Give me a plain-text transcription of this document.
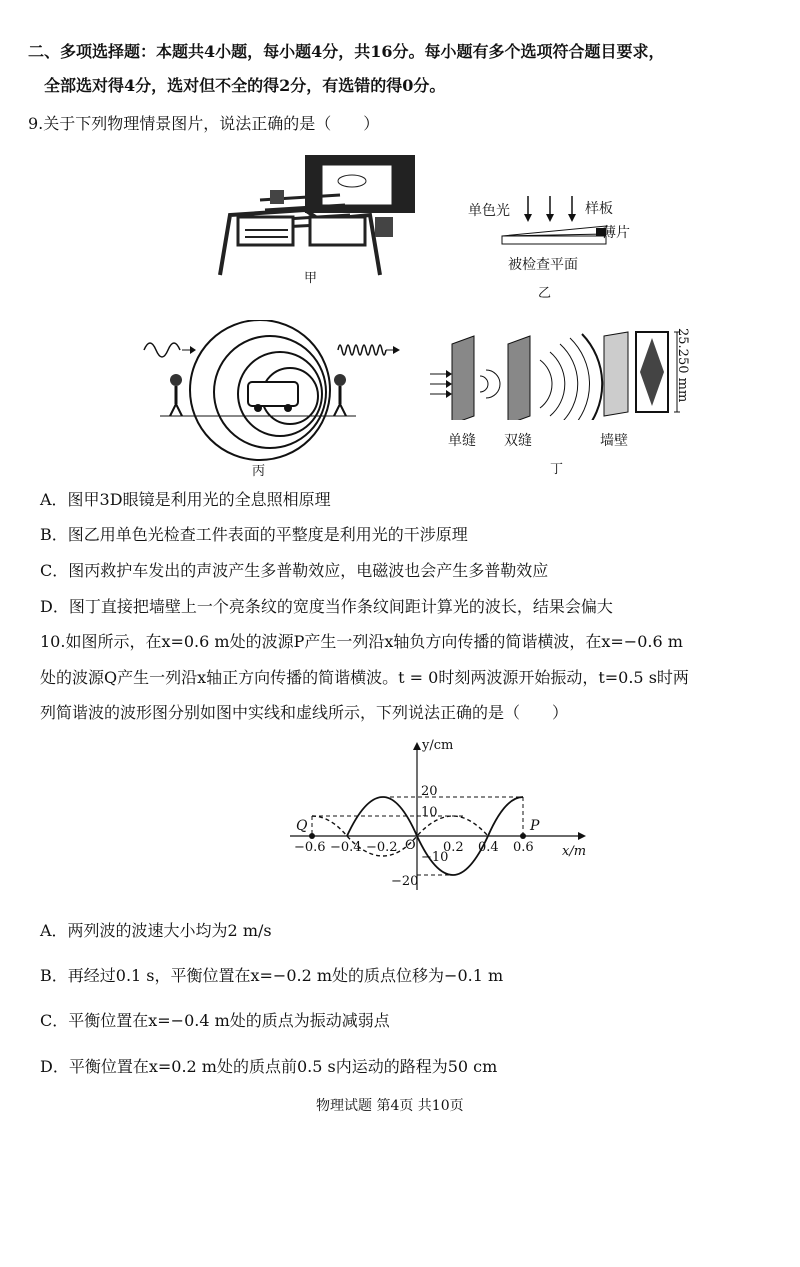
二、多项选择题：本题共4小题，每小题4分，共16分。每小题有多个选项符合题目要求，
全部选对得4分，选对但不全的得2分，有选错的得0分。
9.关于下列物理情景图片，说法正确的是（　　）
甲
单色光	样板
薄片
被检查平面
乙
丙
25.250 mm
单缝 双缝	墙壁
丁
A．图甲3D眼镜是利用光的全息照相原理
B．图乙用单色光检查工件表面的平整度是利用光的干涉原理
C．图丙救护车发出的声波产生多普勒效应，电磁波也会产生多普勒效应
D．图丁直接把墙壁上一个亮条纹的宽度当作条纹间距计算光的波长，结果会偏大
10.如图所示，在x=0.6 m处的波源P产生一列沿x轴负方向传播的简谐横波，在x=−0.6 m
处的波源Q产生一列沿x轴正方向传播的简谐横波。t = 0时刻两波源开始振动，t=0.5 s时两
列简谐波的波形图分别如图中实线和虚线所示，下列说法正确的是（　　）
y/cm
x/m
Q	P
O
−0.6 −0.4 −0.2	0.2 0.4 0.6
20
10
−10
−20
A．两列波的波速大小均为2 m/s
B．再经过0.1 s，平衡位置在x=−0.2 m处的质点位移为−0.1 m
C．平衡位置在x=−0.4 m处的质点为振动减弱点
D．平衡位置在x=0.2 m处的质点前0.5 s内运动的路程为50 cm
物理试题 第4页 共10页
